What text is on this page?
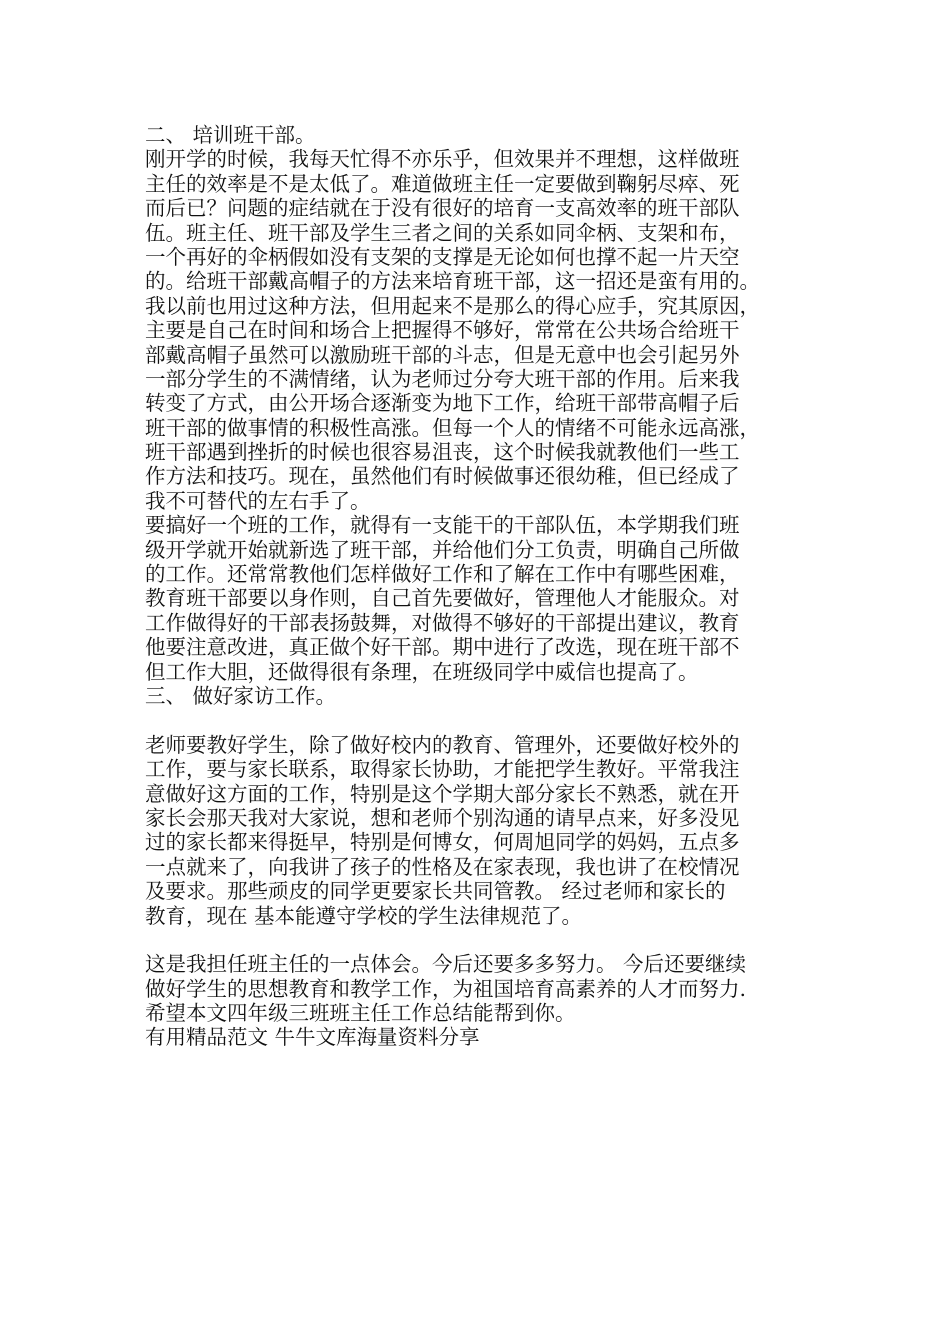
二、 培训班干部。
刚开学的时候，我每天忙得不亦乐乎，但效果并不理想，这样做班
主任的效率是不是太低了。难道做班主任一定要做到鞠躬尽瘁、死
而后已？问题的症结就在于没有很好的培育一支高效率的班干部队
伍。班主任、班干部及学生三者之间的关系如同伞柄、支架和布，
一个再好的伞柄假如没有支架的支撑是无论如何也撑不起一片天空
的。给班干部戴高帽子的方法来培育班干部，这一招还是蛮有用的。
我以前也用过这种方法，但用起来不是那么的得心应手，究其原因，
主要是自己在时间和场合上把握得不够好，常常在公共场合给班干
部戴高帽子虽然可以激励班干部的斗志，但是无意中也会引起另外
一部分学生的不满情绪，认为老师过分夸大班干部的作用。后来我
转变了方式，由公开场合逐渐变为地下工作，给班干部带高帽子后
班干部的做事情的积极性高涨。但每一个人的情绪不可能永远高涨，
班干部遇到挫折的时候也很容易沮丧，这个时候我就教他们一些工
作方法和技巧。现在，虽然他们有时候做事还很幼稚，但已经成了
我不可替代的左右手了。
要搞好一个班的工作，就得有一支能干的干部队伍，本学期我们班
级开学就开始就新选了班干部，并给他们分工负责，明确自己所做
的工作。还常常教他们怎样做好工作和了解在工作中有哪些困难，
教育班干部要以身作则，自己首先要做好，管理他人才能服众。对
工作做得好的干部表扬鼓舞，对做得不够好的干部提出建议，教育
他要注意改进，真正做个好干部。期中进行了改选，现在班干部不
但工作大胆，还做得很有条理，在班级同学中威信也提高了。
三、 做好家访工作。
老师要教好学生，除了做好校内的教育、管理外，还要做好校外的
工作，要与家长联系，取得家长协助，才能把学生教好。平常我注
意做好这方面的工作，特别是这个学期大部分家长不熟悉，就在开
家长会那天我对大家说，想和老师个别沟通的请早点来，好多没见
过的家长都来得挺早，特别是何博女，何周旭同学的妈妈，五点多
一点就来了，向我讲了孩子的性格及在家表现，我也讲了在校情况
及要求。那些顽皮的同学更要家长共同管教。 经过老师和家长的
教育，现在 基本能遵守学校的学生法律规范了。
这是我担任班主任的一点体会。今后还要多多努力。 今后还要继续
做好学生的思想教育和教学工作，为祖国培育高素养的人才而努力.
希望本文四年级三班班主任工作总结能帮到你。
有用精品范文 牛牛文库海量资料分享
